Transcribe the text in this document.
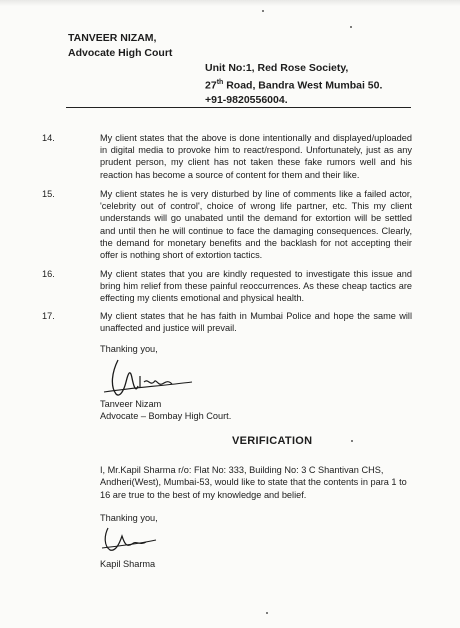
TANVEER NIZAM,
Advocate High Court
Unit No:1, Red Rose Society,
27th Road, Bandra West Mumbai 50.
+91-9820556004.
14.	My client states that the above is done intentionally and displayed/uploaded in digital media to provoke him to react/respond. Unfortunately, just as any prudent person, my client has not taken these fake rumors well and his reaction has become a source of content for them and their like.
15.	My client states he is very disturbed by line of comments like a failed actor, 'celebrity out of control', choice of wrong life partner, etc. This my client understands will go unabated until the demand for extortion will be settled and until then he will continue to face the damaging consequences. Clearly, the demand for monetary benefits and the backlash for not accepting their offer is nothing short of extortion tactics.
16.	My client states that you are kindly requested to investigate this issue and bring him relief from these painful reoccurrences. As these cheap tactics are effecting my clients emotional and physical health.
17.	My client states that he has faith in Mumbai Police and hope the same will unaffected and justice will prevail.
Thanking you,
Tanveer Nizam
Advocate – Bombay High Court.
VERIFICATION
I, Mr.Kapil Sharma r/o: Flat No: 333, Building No: 3 C Shantivan CHS, Andheri(West), Mumbai-53, would like to state that the contents in para 1 to 16 are true to the best of my knowledge and belief.
Thanking you,
Kapil Sharma
